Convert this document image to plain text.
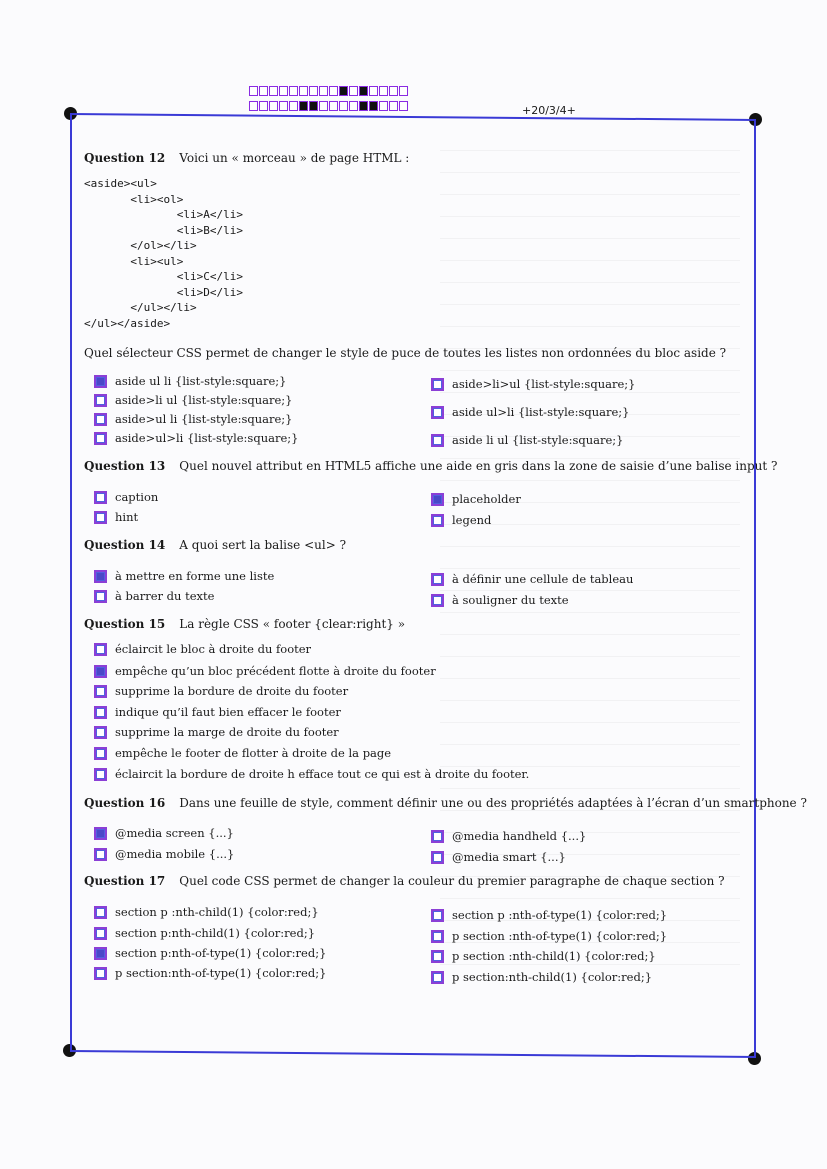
+20/3/4+
Question 12 Voici un « morceau » de page HTML :
<aside><ul>
	<li><ol>
		<li>A</li>
		<li>B</li>
	</ol></li>
	<li><ul>
		<li>C</li>
		<li>D</li>
	</ul></li>
</ul></aside>
Quel sélecteur CSS permet de changer le style de puce de toutes les listes non ordonnées du bloc aside ?
aside ul li {list-style:square;}
aside>li ul {list-style:square;}
aside>ul li {list-style:square;}
aside>ul>li {list-style:square;}
aside>li>ul {list-style:square;}
aside ul>li {list-style:square;}
aside li ul {list-style:square;}
Question 13 Quel nouvel attribut en HTML5 affiche une aide en gris dans la zone de saisie d’une balise input ?
caption
hint
placeholder
legend
Question 14 A quoi sert la balise <ul> ?
à mettre en forme une liste
à barrer du texte
à définir une cellule de tableau
à souligner du texte
Question 15 La règle CSS « footer {clear:right} »
éclaircit le bloc à droite du footer
empêche qu’un bloc précédent flotte à droite du footer
supprime la bordure de droite du footer
indique qu’il faut bien effacer le footer
supprime la marge de droite du footer
empêche le footer de flotter à droite de la page
éclaircit la bordure de droite h efface tout ce qui est à droite du footer.
Question 16 Dans une feuille de style, comment définir une ou des propriétés adaptées à l’écran d’un smartphone ?
@media screen {...}
@media mobile {...}
@media handheld {...}
@media smart {...}
Question 17 Quel code CSS permet de changer la couleur du premier paragraphe de chaque section ?
section p :nth-child(1) {color:red;}
section p:nth-child(1) {color:red;}
section p:nth-of-type(1) {color:red;}
p section:nth-of-type(1) {color:red;}
section p :nth-of-type(1) {color:red;}
p section :nth-of-type(1) {color:red;}
p section :nth-child(1) {color:red;}
p section:nth-child(1) {color:red;}
